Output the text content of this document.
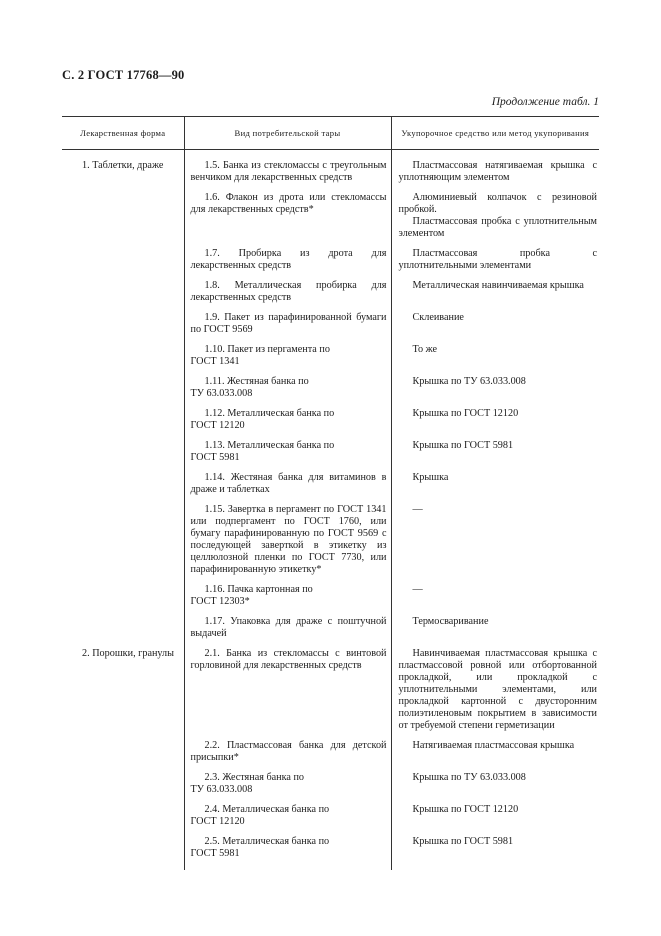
С. 2 ГОСТ 17768—90
Продолжение табл. 1
Лекарственная форма	Вид потребительской тары	Укупорочное средство или метод укупоривания
1. Таблетки, драже	1.5. Банка из стекломассы с треугольным венчиком для лекарственных средств	Пластмассовая натягиваемая крышка с уплотняющим элементом

	1.6. Флакон из дрота или стекломассы для лекарственных средств*	Алюминиевый колпачок с резиновой пробкой.
Пластмассовая пробка с уплотнительным элементом

	1.7. Пробирка из дрота для лекарственных средств	Пластмассовая пробка с уплотнительными элементами

	1.8. Металлическая пробирка для лекарственных средств	Металлическая навинчиваемая крышка

	1.9. Пакет из парафинированной бумаги по ГОСТ 9569	Склеивание

	1.10. Пакет из пергамента по
ГОСТ 1341	То же

	1.11. Жестяная банка по
ТУ 63.033.008	Крышка по ТУ 63.033.008

	1.12. Металлическая банка по
ГОСТ 12120	Крышка по ГОСТ 12120

	1.13. Металлическая банка по
ГОСТ 5981	Крышка по ГОСТ 5981

	1.14. Жестяная банка для витаминов в драже и таблетках	Крышка

	1.15. Завертка в пергамент по ГОСТ 1341 или подпергамент по ГОСТ 1760, или бумагу парафинированную по ГОСТ 9569 с последующей заверткой в этикетку из целлюлозной пленки по ГОСТ 7730, или парафинированную этикетку*	—

	1.16. Пачка картонная по
ГОСТ 12303*	—

	1.17. Упаковка для драже с поштучной выдачей	Термосваривание

2. Порошки, гранулы	2.1. Банка из стекломассы с винтовой горловиной для лекарственных средств	Навинчиваемая пластмассовая крышка с пластмассовой ровной или отбортованной прокладкой, или прокладкой с уплотнительными элементами, или прокладкой картонной с двусторонним полиэтиленовым покрытием в зависимости от требуемой степени герметизации

	2.2. Пластмассовая банка для детской присыпки*	Натягиваемая пластмассовая крышка

	2.3. Жестяная банка по
ТУ 63.033.008	Крышка по ТУ 63.033.008

	2.4. Металлическая банка по
ГОСТ 12120	Крышка по ГОСТ 12120

	2.5. Металлическая банка по
ГОСТ 5981	Крышка по ГОСТ 5981
